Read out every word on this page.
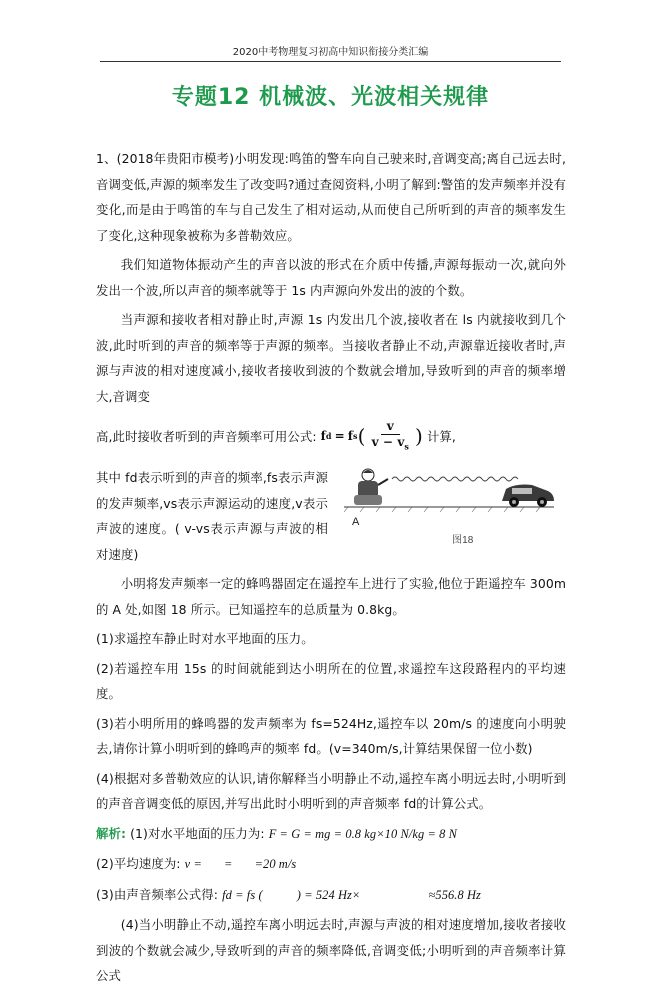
2020中考物理复习初高中知识衔接分类汇编
专题12 机械波、光波相关规律

1、(2018年贵阳市模考)小明发现:鸣笛的警车向自己驶来时,音调变高;离自己远去时,音调变低,声源的频率发生了改变吗?通过查阅资料,小明了解到:警笛的发声频率并没有变化,而是由于鸣笛的车与自己发生了相对运动,从而使自己所听到的声音的频率发生了变化,这种现象被称为多普勒效应。

我们知道物体振动产生的声音以波的形式在介质中传播,声源每振动一次,就向外发出一个波,所以声音的频率就等于 1s 内声源向外发出的波的个数。

当声源和接收者相对静止时,声源 1s 内发出几个波,接收者在 ls 内就接收到几个波,此时听到的声音的频率等于声源的频率。当接收者静止不动,声源靠近接收者时,声源与声波的相对速度减小,接收者接收到波的个数就会增加,导致听到的声音的频率增大,音调变

高,此时接收者听到的声音频率可用公式: f d = f s ( $\frac{v}{v - v_s}$ ) 计算,

其中 fd表示听到的声音的频率,fs表示声源的发声频率,vs表示声源运动的速度,v表示声波的速度。( v-vs表示声源与声波的相对速度)

A
图18

小明将发声频率一定的蜂鸣器固定在遥控车上进行了实验,他位于距遥控车 300m 的 A 处,如图 18 所示。已知遥控车的总质量为 0.8kg。

(1)求遥控车静止时对水平地面的压力。

(2)若遥控车用 15s 的时间就能到达小明所在的位置,求遥控车这段路程内的平均速度。

(3)若小明所用的蜂鸣器的发声频率为 fs=524Hz,遥控车以 20m/s 的速度向小明驶去,请你计算小明听到的蜂鸣声的频率 fd。(v=340m/s,计算结果保留一位小数)

(4)根据对多普勒效应的认识,请你解释当小明静止不动,遥控车离小明远去时,小明听到的声音音调变低的原因,并写出此时小明听到的声音频率 fd的计算公式。

解析: (1)对水平地面的压力为: F = G = mg = 0.8 kg×10 N/kg = 8 N

(2)平均速度为: v = = =20 m/s

(3)由声音频率公式得: fd = fs (	) = 524 Hz×	≈556.8 Hz

(4)当小明静止不动,遥控车离小明远去时,声源与声波的相对速度增加,接收者接收到波的个数就会减少,导致听到的声音的频率降低,音调变低;小明听到的声音频率计算公式
